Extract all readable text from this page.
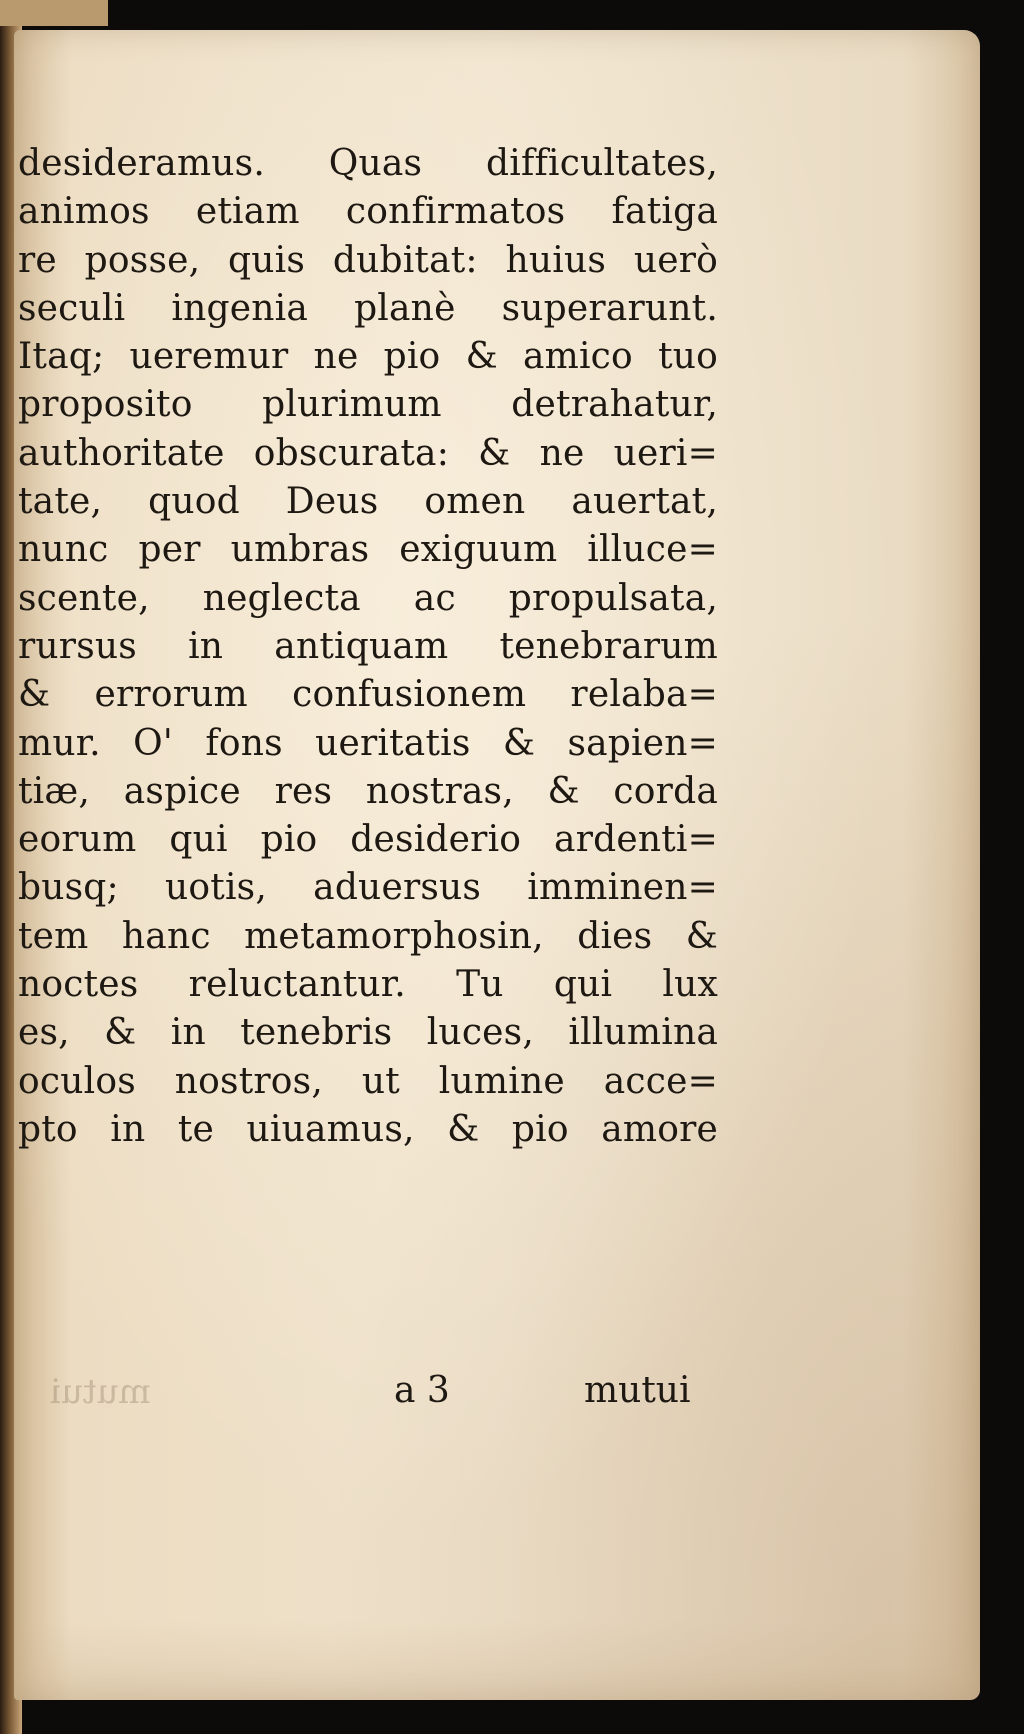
desideramus. Quas difficultates,
animos etiam confirmatos fatiga
re posse, quis dubitat: huius uerò
seculi ingenia planè superarunt.
Itaq; ueremur ne pio & amico tuo
proposito plurimum detrahatur,
authoritate obscurata: & ne ueri=
tate, quod Deus omen auertat,
nunc per umbras exiguum illuce=
scente, neglecta ac propulsata,
rursus in antiquam tenebrarum
& errorum confusionem relaba=
mur. O' fons ueritatis & sapien=
tiæ, aspice res nostras, & corda
eorum qui pio desiderio ardenti=
busq; uotis, aduersus imminen=
tem hanc metamorphosin, dies &
noctes reluctantur. Tu qui lux
es, & in tenebris luces, illumina
oculos nostros, ut lumine acce=
pto in te uiuamus, & pio amore
mutui	a 3	mutui
